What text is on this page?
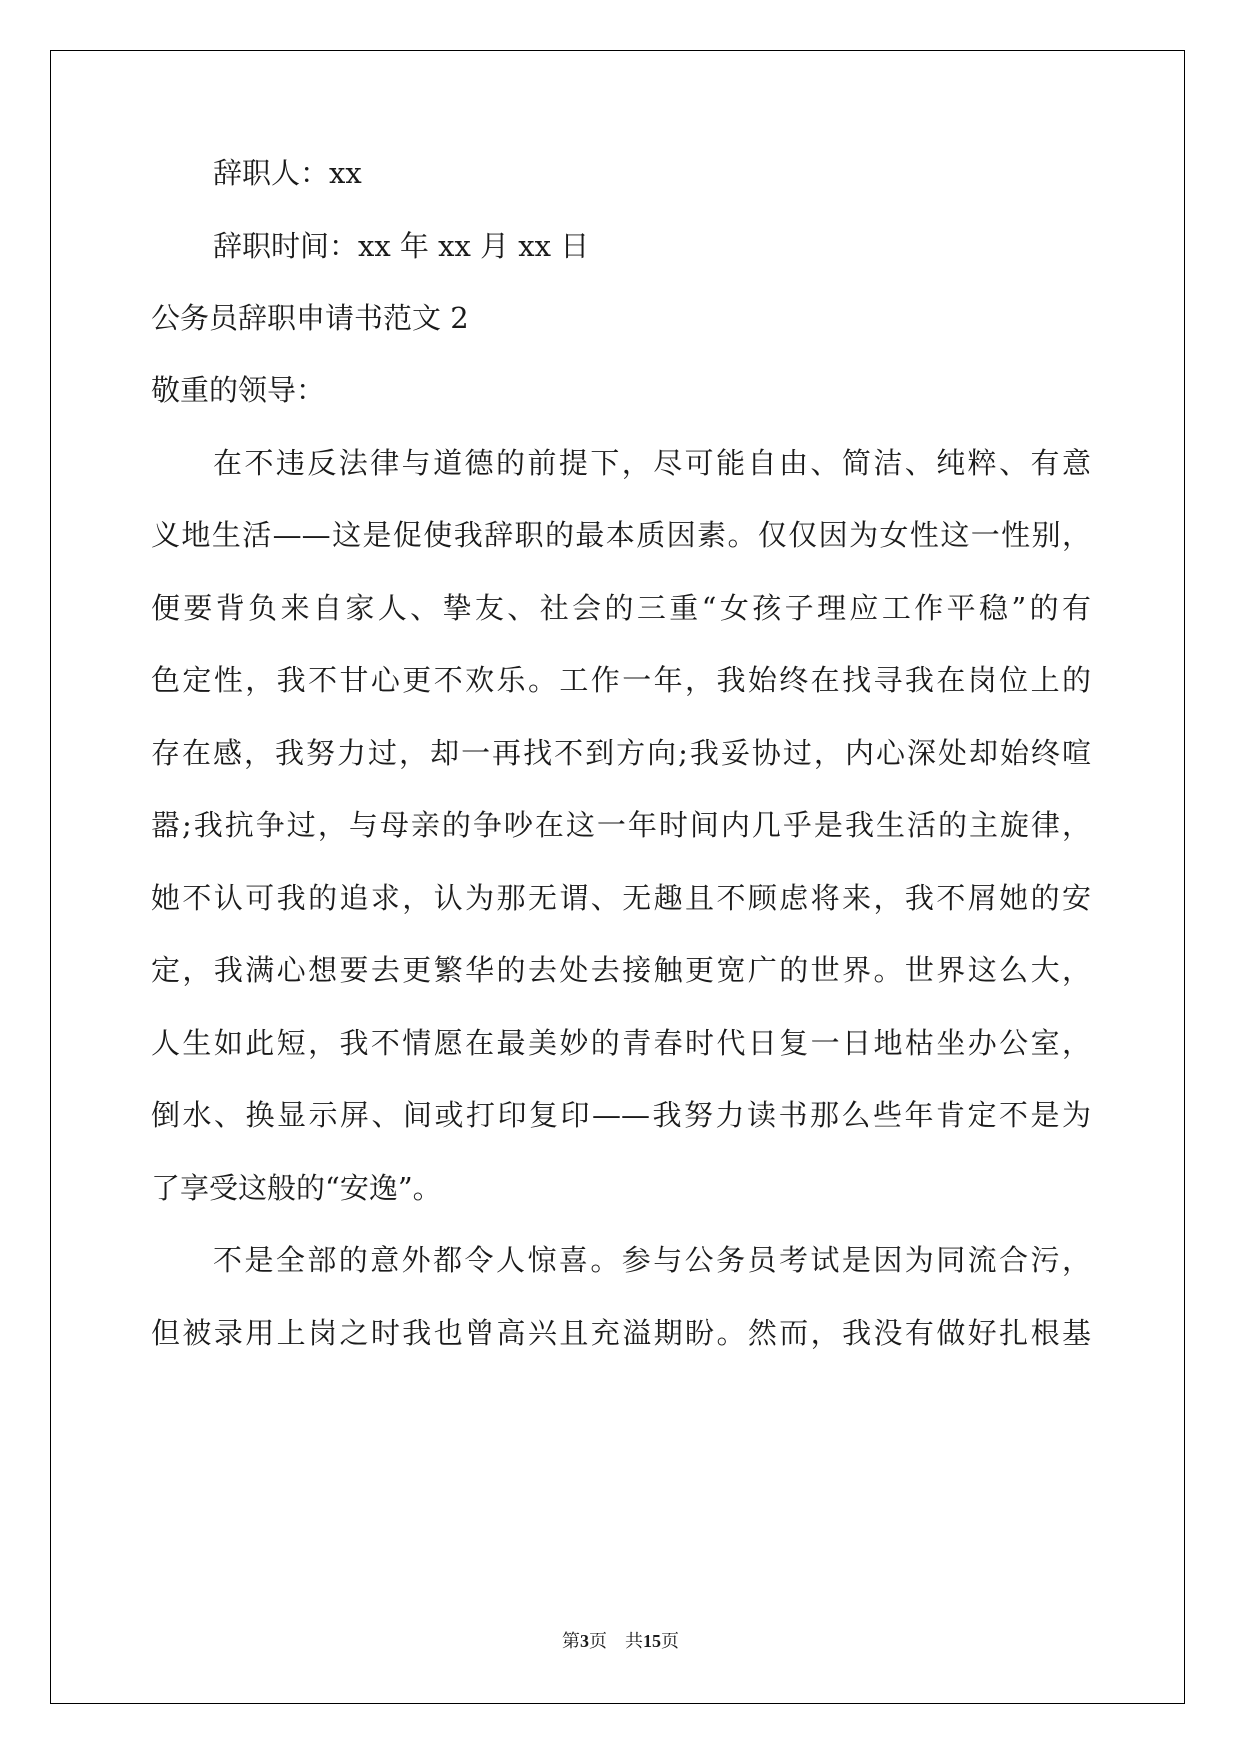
辞职人：xx
辞职时间：xx 年 xx 月 xx 日
公务员辞职申请书范文 2
敬重的领导：
在不违反法律与道德的前提下，尽可能自由、简洁、纯粹、有意
义地生活——这是促使我辞职的最本质因素。仅仅因为女性这一性别，
便要背负来自家人、挚友、社会的三重“女孩子理应工作平稳”的有
色定性，我不甘心更不欢乐。工作一年，我始终在找寻我在岗位上的
存在感，我努力过，却一再找不到方向;我妥协过，内心深处却始终喧
嚣;我抗争过，与母亲的争吵在这一年时间内几乎是我生活的主旋律，
她不认可我的追求，认为那无谓、无趣且不顾虑将来，我不屑她的安
定，我满心想要去更繁华的去处去接触更宽广的世界。世界这么大，
人生如此短，我不情愿在最美妙的青春时代日复一日地枯坐办公室，
倒水、换显示屏、间或打印复印——我努力读书那么些年肯定不是为
了享受这般的“安逸”。
不是全部的意外都令人惊喜。参与公务员考试是因为同流合污，
但被录用上岗之时我也曾高兴且充溢期盼。然而，我没有做好扎根基
第3页　共15页
